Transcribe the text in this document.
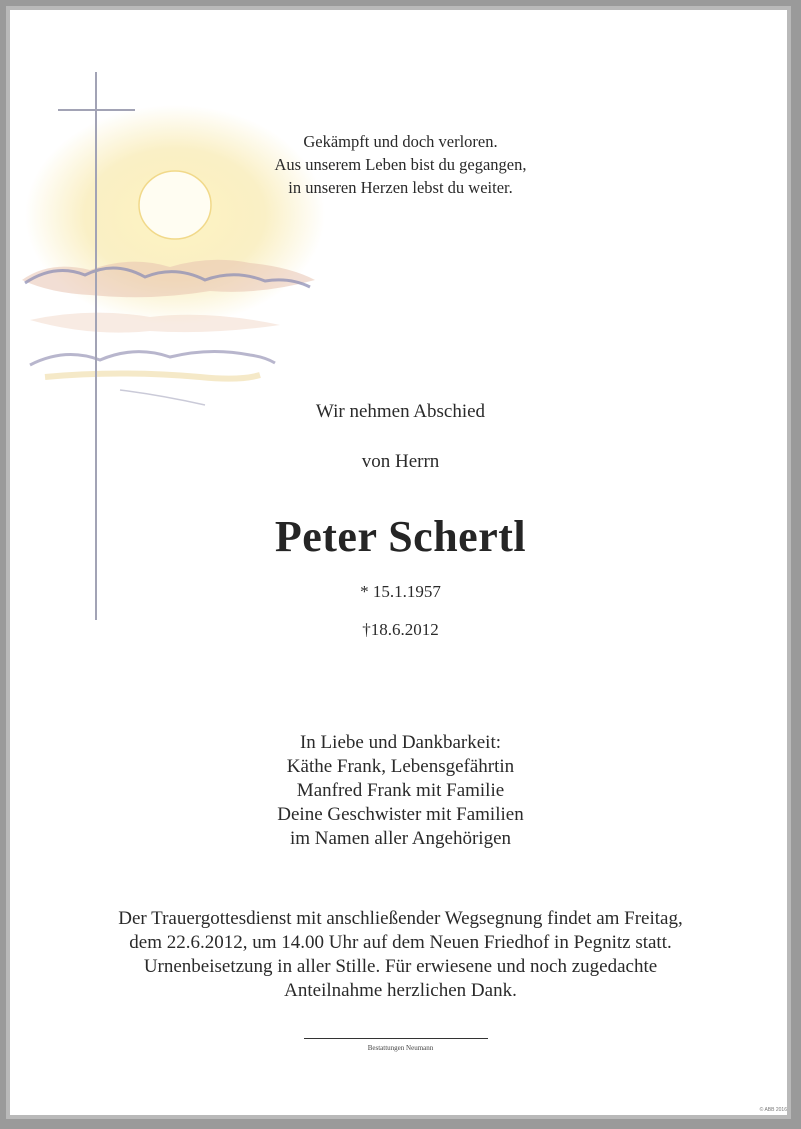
Gekämpft und doch verloren.
Aus unserem Leben bist du gegangen,
in unseren Herzen lebst du weiter.
Wir nehmen Abschied
von Herrn
Peter Schertl
* 15.1.1957
†18.6.2012
In Liebe und Dankbarkeit:
Käthe Frank, Lebensgefährtin
Manfred Frank mit Familie
Deine Geschwister mit Familien
im Namen aller Angehörigen
Der Trauergottesdienst mit anschließender Wegsegnung findet am Freitag,
dem 22.6.2012, um 14.00 Uhr auf dem Neuen Friedhof in Pegnitz statt.
Urnenbeisetzung in aller Stille. Für erwiesene und noch zugedachte
Anteilnahme herzlichen Dank.
Bestattungen Neumann
© ABB 2016
